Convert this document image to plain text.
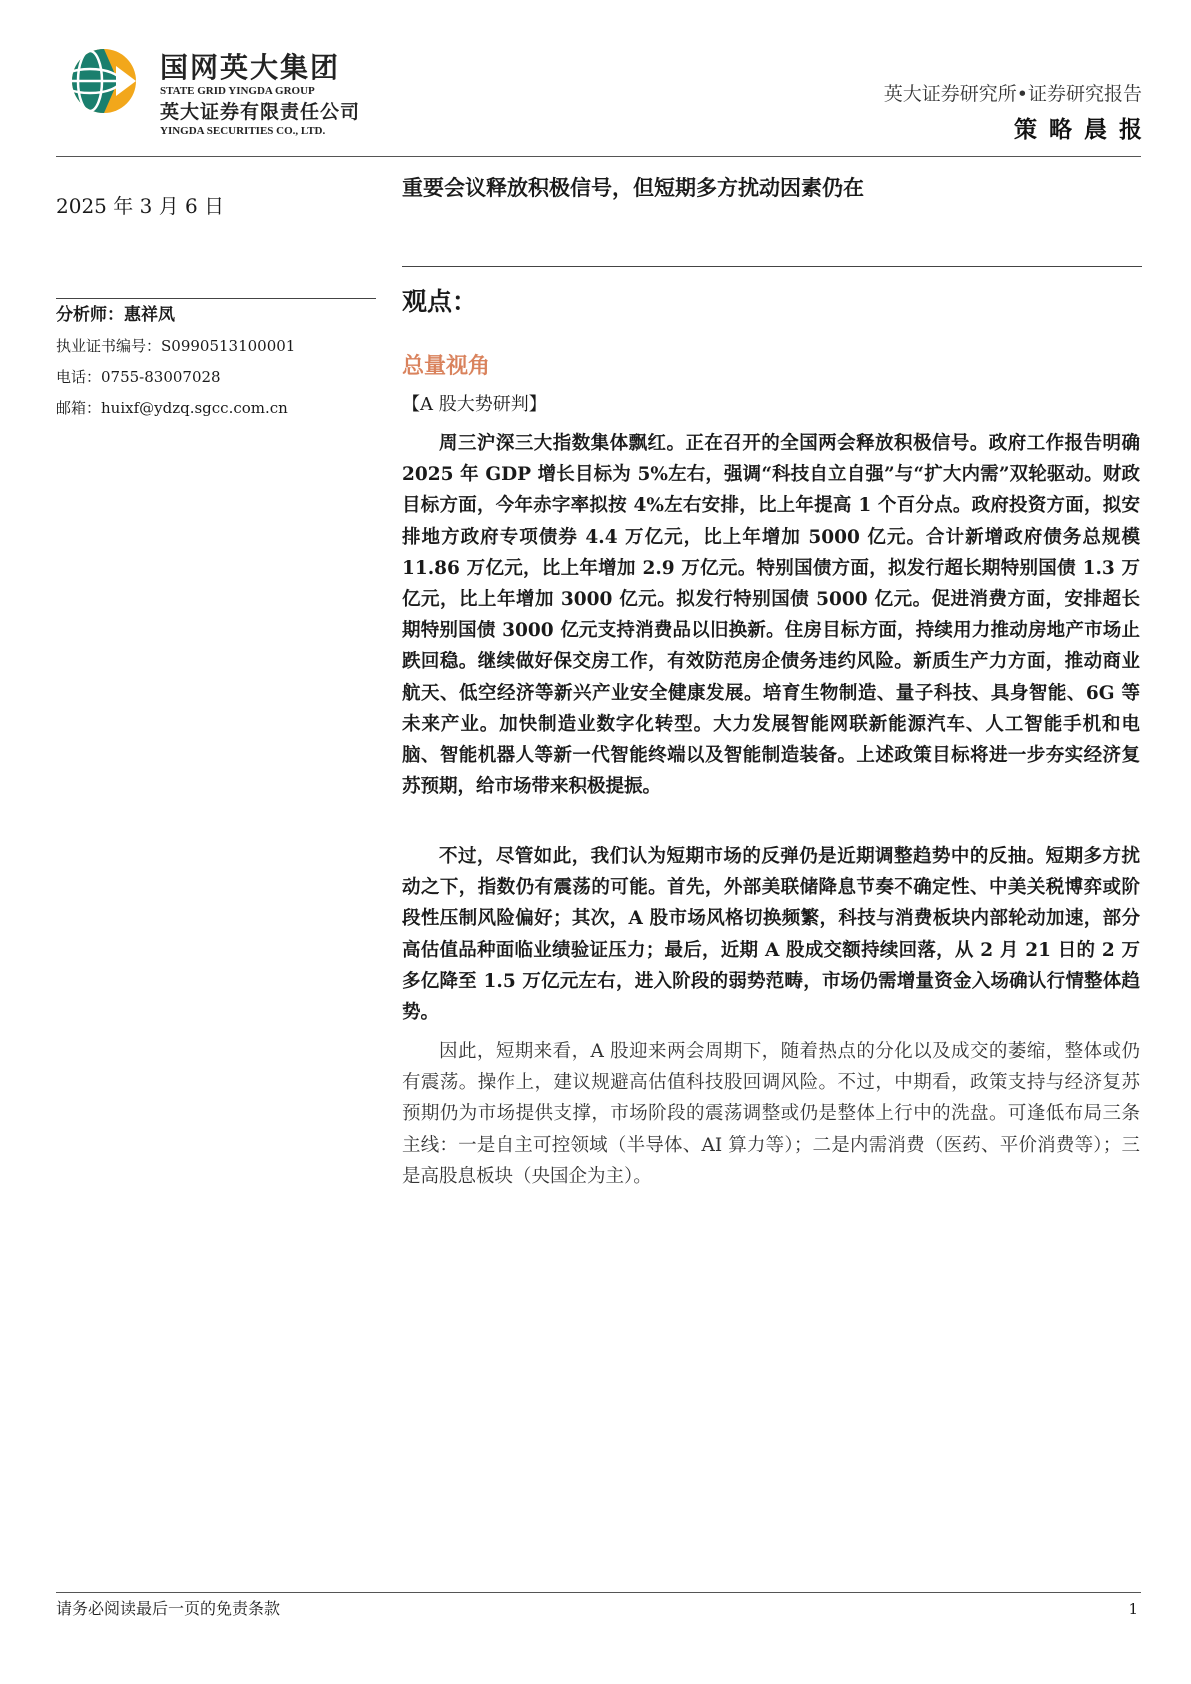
国网英大集团
STATE GRID YINGDA GROUP
英大证券有限责任公司
YINGDA SECURITIES CO., LTD.
英大证券研究所•证券研究报告
策略晨报
2025 年 3 月 6 日
分析师：惠祥凤
执业证书编号：S0990513100001
电话：0755-83007028
邮箱：huixf@ydzq.sgcc.com.cn
重要会议释放积极信号，但短期多方扰动因素仍在
观点：
总量视角
【A 股大势研判】

周三沪深三大指数集体飘红。正在召开的全国两会释放积极信号。政府工作报告明确 2025 年 GDP 增长目标为 5%左右，强调“科技自立自强”与“扩大内需”双轮驱动。财政目标方面，今年赤字率拟按 4%左右安排，比上年提高 1 个百分点。政府投资方面，拟安排地方政府专项债券 4.4 万亿元，比上年增加 5000 亿元。合计新增政府债务总规模 11.86 万亿元，比上年增加 2.9 万亿元。特别国债方面，拟发行超长期特别国债 1.3 万亿元，比上年增加 3000 亿元。拟发行特别国债 5000 亿元。促进消费方面，安排超长期特别国债 3000 亿元支持消费品以旧换新。住房目标方面，持续用力推动房地产市场止跌回稳。继续做好保交房工作，有效防范房企债务违约风险。新质生产力方面，推动商业航天、低空经济等新兴产业安全健康发展。培育生物制造、量子科技、具身智能、6G 等未来产业。加快制造业数字化转型。大力发展智能网联新能源汽车、人工智能手机和电脑、智能机器人等新一代智能终端以及智能制造装备。上述政策目标将进一步夯实经济复苏预期，给市场带来积极提振。

不过，尽管如此，我们认为短期市场的反弹仍是近期调整趋势中的反抽。短期多方扰动之下，指数仍有震荡的可能。首先，外部美联储降息节奏不确定性、中美关税博弈或阶段性压制风险偏好；其次，A 股市场风格切换频繁，科技与消费板块内部轮动加速，部分高估值品种面临业绩验证压力；最后，近期 A 股成交额持续回落，从 2 月 21 日的 2 万多亿降至 1.5 万亿元左右，进入阶段的弱势范畴，市场仍需增量资金入场确认行情整体趋势。

因此，短期来看，A 股迎来两会周期下，随着热点的分化以及成交的萎缩，整体或仍有震荡。操作上，建议规避高估值科技股回调风险。不过，中期看，政策支持与经济复苏预期仍为市场提供支撑，市场阶段的震荡调整或仍是整体上行中的洗盘。可逢低布局三条主线：一是自主可控领域（半导体、AI 算力等）；二是内需消费（医药、平价消费等）；三是高股息板块（央国企为主）。

请务必阅读最后一页的免责条款	1
